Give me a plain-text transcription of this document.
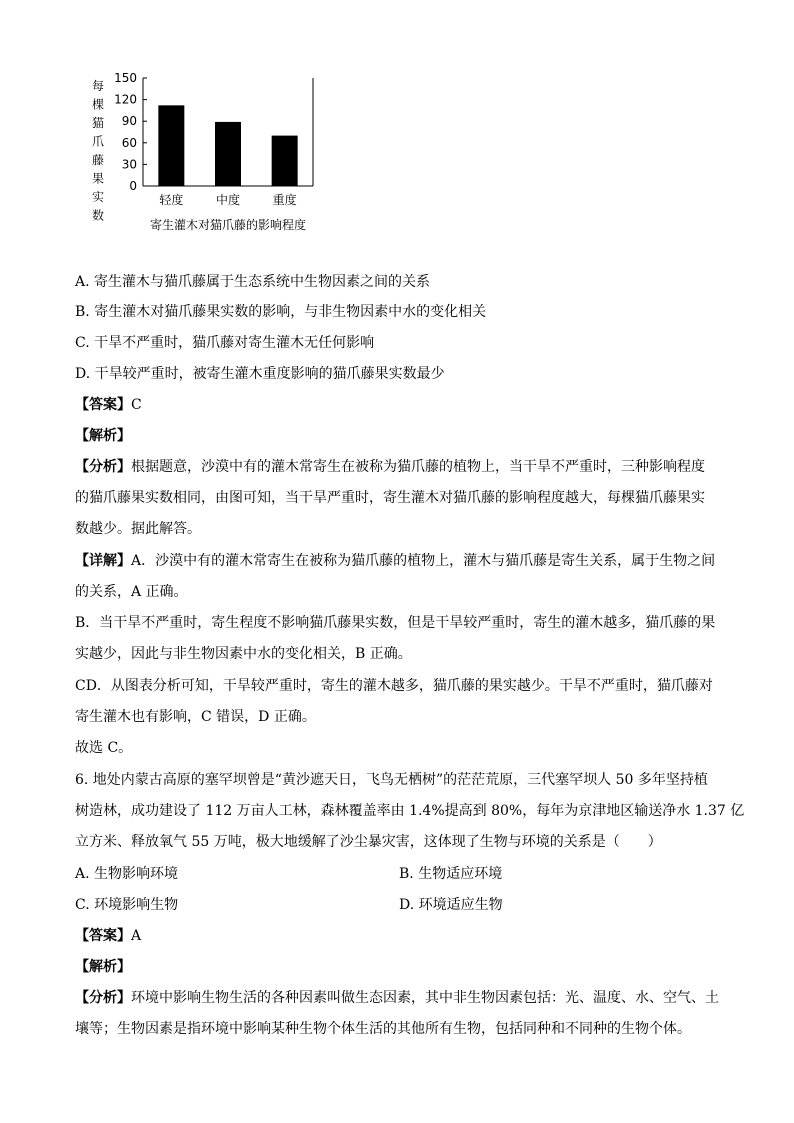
每
棵
猫
爪
藤
果
实
数
0
30
60
90
120
150
轻度	中度	重度
寄生灌木对猫爪藤的影响程度
A. 寄生灌木与猫爪藤属于生态系统中生物因素之间的关系
B. 寄生灌木对猫爪藤果实数的影响，与非生物因素中水的变化相关
C. 干旱不严重时，猫爪藤对寄生灌木无任何影响
D. 干旱较严重时，被寄生灌木重度影响的猫爪藤果实数最少
【答案】C
【解析】
【分析】根据题意，沙漠中有的灌木常寄生在被称为猫爪藤的植物上，当干旱不严重时，三种影响程度
的猫爪藤果实数相同，由图可知，当干旱严重时，寄生灌木对猫爪藤的影响程度越大，每棵猫爪藤果实
数越少。据此解答。
【详解】A．沙漠中有的灌木常寄生在被称为猫爪藤的植物上，灌木与猫爪藤是寄生关系，属于生物之间
的关系，A 正确。
B．当干旱不严重时，寄生程度不影响猫爪藤果实数，但是干旱较严重时，寄生的灌木越多，猫爪藤的果
实越少，因此与非生物因素中水的变化相关，B 正确。
CD．从图表分析可知，干旱较严重时，寄生的灌木越多，猫爪藤的果实越少。干旱不严重时，猫爪藤对
寄生灌木也有影响，C 错误，D 正确。
故选 C。
6. 地处内蒙古高原的塞罕坝曾是“黄沙遮天日，飞鸟无栖树”的茫茫荒原，三代塞罕坝人 50 多年坚持植
树造林，成功建设了 112 万亩人工林，森林覆盖率由 1.4%提高到 80%，每年为京津地区输送净水 1.37 亿
立方米、释放氧气 55 万吨，极大地缓解了沙尘暴灾害，这体现了生物与环境的关系是（　　）
A. 生物影响环境	B. 生物适应环境
C. 环境影响生物	D. 环境适应生物
【答案】A
【解析】
【分析】环境中影响生物生活的各种因素叫做生态因素，其中非生物因素包括：光、温度、水、空气、土
壤等；生物因素是指环境中影响某种生物个体生活的其他所有生物，包括同种和不同种的生物个体。
